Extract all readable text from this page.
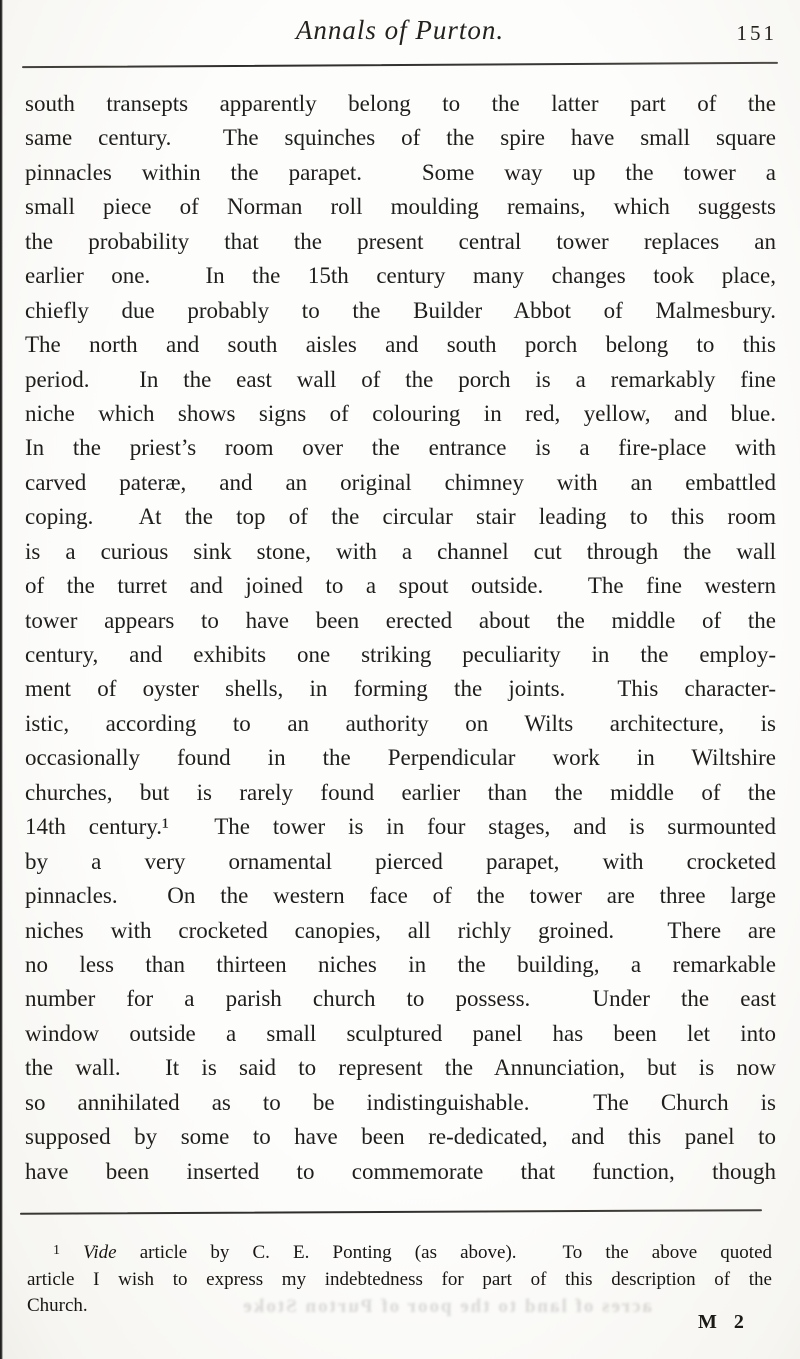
Annals of Purton.	151
south transepts apparently belong to the latter part of the
same century.  The squinches of the spire have small square
pinnacles within the parapet.  Some way up the tower a
small piece of Norman roll moulding remains, which suggests
the probability that the present central tower replaces an
earlier one.  In the 15th century many changes took place,
chiefly due probably to the Builder Abbot of Malmesbury.
The north and south aisles and south porch belong to this
period.  In the east wall of the porch is a remarkably fine
niche which shows signs of colouring in red, yellow, and blue.
In the priest’s room over the entrance is a fire-place with
carved pateræ, and an original chimney with an embattled
coping.  At the top of the circular stair leading to this room
is a curious sink stone, with a channel cut through the wall
of the turret and joined to a spout outside.  The fine western
tower appears to have been erected about the middle of the
century, and exhibits one striking peculiarity in the employ-
ment of oyster shells, in forming the joints.  This character-
istic, according to an authority on Wilts architecture, is
occasionally found in the Perpendicular work in Wiltshire
churches, but is rarely found earlier than the middle of the
14th century.¹  The tower is in four stages, and is surmounted
by a very ornamental pierced parapet, with crocketed
pinnacles.  On the western face of the tower are three large
niches with crocketed canopies, all richly groined.  There are
no less than thirteen niches in the building, a remarkable
number for a parish church to possess.  Under the east
window outside a small sculptured panel has been let into
the wall.  It is said to represent the Annunciation, but is now
so annihilated as to be indistinguishable.  The Church is
supposed by some to have been re-dedicated, and this panel to
have been inserted to commemorate that function, though
$^1$ Vide article by C. E. Ponting (as above).  To the above quoted
article I wish to express my indebtedness for part of this description of the
Church.	acres of land to the poor of Purton Stoke
M 2
